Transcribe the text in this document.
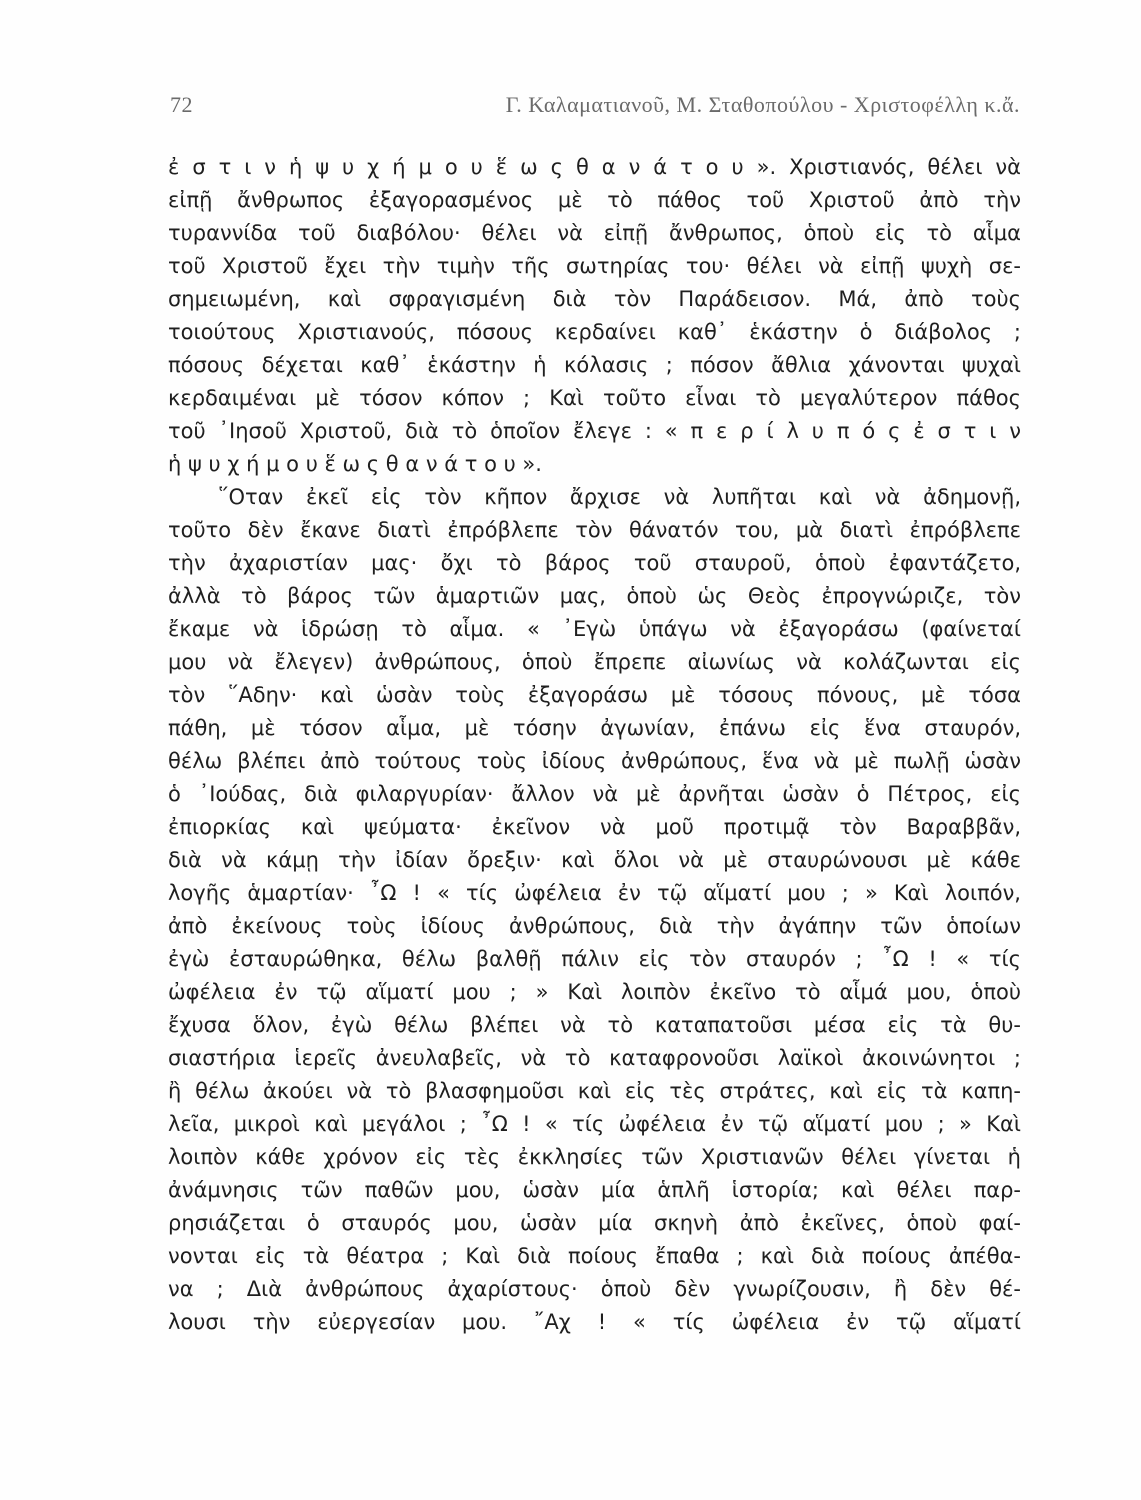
72	Γ. Καλαματιανοῦ, Μ. Σταθοπούλου - Χριστοφέλλη κ.ἄ.
ἐ σ τ ι ν ἡ ψ υ χ ή μ ο υ ἕ ω ς θ α ν ά τ ο υ ». Χριστιανός, θέλει νὰ
εἰπῇ ἄνθρωπος ἐξαγορασμένος μὲ τὸ πάθος τοῦ Χριστοῦ ἀπὸ τὴν
τυραννίδα τοῦ διαβόλου· θέλει νὰ εἰπῇ ἄνθρωπος, ὁποὺ εἰς τὸ αἷμα
τοῦ Χριστοῦ ἔχει τὴν τιμὴν τῆς σωτηρίας του· θέλει νὰ εἰπῇ ψυχὴ σε-
σημειωμένη, καὶ σφραγισμένη διὰ τὸν Παράδεισον. Μά, ἀπὸ τοὺς
τοιούτους Χριστιανούς, πόσους κερδαίνει καθ᾽ ἑκάστην ὁ διάβολος ;
πόσους δέχεται καθ᾽ ἑκάστην ἡ κόλασις ; πόσον ἄθλια χάνονται ψυχαὶ
κερδαιμέναι μὲ τόσον κόπον ; Καὶ τοῦτο εἶναι τὸ μεγαλύτερον πάθος
τοῦ ᾽Ιησοῦ Χριστοῦ, διὰ τὸ ὁποῖον ἔλεγε : « π ε ρ ί λ υ π ό ς ἐ σ τ ι ν
ἡ ψ υ χ ή μ ο υ ἕ ω ς θ α ν ά τ ο υ ».
῞Οταν ἐκεῖ εἰς τὸν κῆπον ἄρχισε νὰ λυπῆται καὶ νὰ ἀδημονῇ,
τοῦτο δὲν ἔκανε διατὶ ἐπρόβλεπε τὸν θάνατόν του, μὰ διατὶ ἐπρόβλεπε
τὴν ἀχαριστίαν μας· ὄχι τὸ βάρος τοῦ σταυροῦ, ὁποὺ ἐφαντάζετο,
ἀλλὰ τὸ βάρος τῶν ἁμαρτιῶν μας, ὁποὺ ὡς Θεὸς ἐπρογνώριζε, τὸν
ἔκαμε νὰ ἱδρώσῃ τὸ αἷμα. « ᾽Εγὼ ὑπάγω νὰ ἐξαγοράσω (φαίνεταί
μου νὰ ἔλεγεν) ἀνθρώπους, ὁποὺ ἔπρεπε αἰωνίως νὰ κολάζωνται εἰς
τὸν ῞Αδην· καὶ ὡσὰν τοὺς ἐξαγοράσω μὲ τόσους πόνους, μὲ τόσα
πάθη, μὲ τόσον αἷμα, μὲ τόσην ἀγωνίαν, ἐπάνω εἰς ἕνα σταυρόν,
θέλω βλέπει ἀπὸ τούτους τοὺς ἰδίους ἀνθρώπους, ἕνα νὰ μὲ πωλῇ ὡσὰν
ὁ ᾽Ιούδας, διὰ φιλαργυρίαν· ἄλλον νὰ μὲ ἀρνῆται ὡσὰν ὁ Πέτρος, εἰς
ἐπιορκίας καὶ ψεύματα· ἐκεῖνον νὰ μοῦ προτιμᾷ τὸν Βαραββᾶν,
διὰ νὰ κάμῃ τὴν ἰδίαν ὄρεξιν· καὶ ὅλοι νὰ μὲ σταυρώνουσι μὲ κάθε
λογῆς ἁμαρτίαν· ῏Ω ! « τίς ὠφέλεια ἐν τῷ αἵματί μου ; » Καὶ λοιπόν,
ἀπὸ ἐκείνους τοὺς ἰδίους ἀνθρώπους, διὰ τὴν ἀγάπην τῶν ὁποίων
ἐγὼ ἐσταυρώθηκα, θέλω βαλθῇ πάλιν εἰς τὸν σταυρόν ; ῏Ω ! « τίς
ὠφέλεια ἐν τῷ αἵματί μου ; » Καὶ λοιπὸν ἐκεῖνο τὸ αἷμά μου, ὁποὺ
ἔχυσα ὅλον, ἐγὼ θέλω βλέπει νὰ τὸ καταπατοῦσι μέσα εἰς τὰ θυ-
σιαστήρια ἱερεῖς ἀνευλαβεῖς, νὰ τὸ καταφρονοῦσι λαϊκοὶ ἀκοινώνητοι ;
ἢ θέλω ἀκούει νὰ τὸ βλασφημοῦσι καὶ εἰς τὲς στράτες, καὶ εἰς τὰ καπη-
λεῖα, μικροὶ καὶ μεγάλοι ; ῏Ω ! « τίς ὠφέλεια ἐν τῷ αἵματί μου ; » Καὶ
λοιπὸν κάθε χρόνον εἰς τὲς ἐκκλησίες τῶν Χριστιανῶν θέλει γίνεται ἡ
ἀνάμνησις τῶν παθῶν μου, ὡσὰν μία ἁπλῆ ἱστορία; καὶ θέλει παρ-
ρησιάζεται ὁ σταυρός μου, ὡσὰν μία σκηνὴ ἀπὸ ἐκεῖνες, ὁποὺ φαί-
νονται εἰς τὰ θέατρα ; Καὶ διὰ ποίους ἔπαθα ; καὶ διὰ ποίους ἀπέθα-
να ; Διὰ ἀνθρώπους ἀχαρίστους· ὁποὺ δὲν γνωρίζουσιν, ἢ δὲν θέ-
λουσι τὴν εὐεργεσίαν μου. ῎Αχ ! « τίς ὠφέλεια ἐν τῷ αἵματί
